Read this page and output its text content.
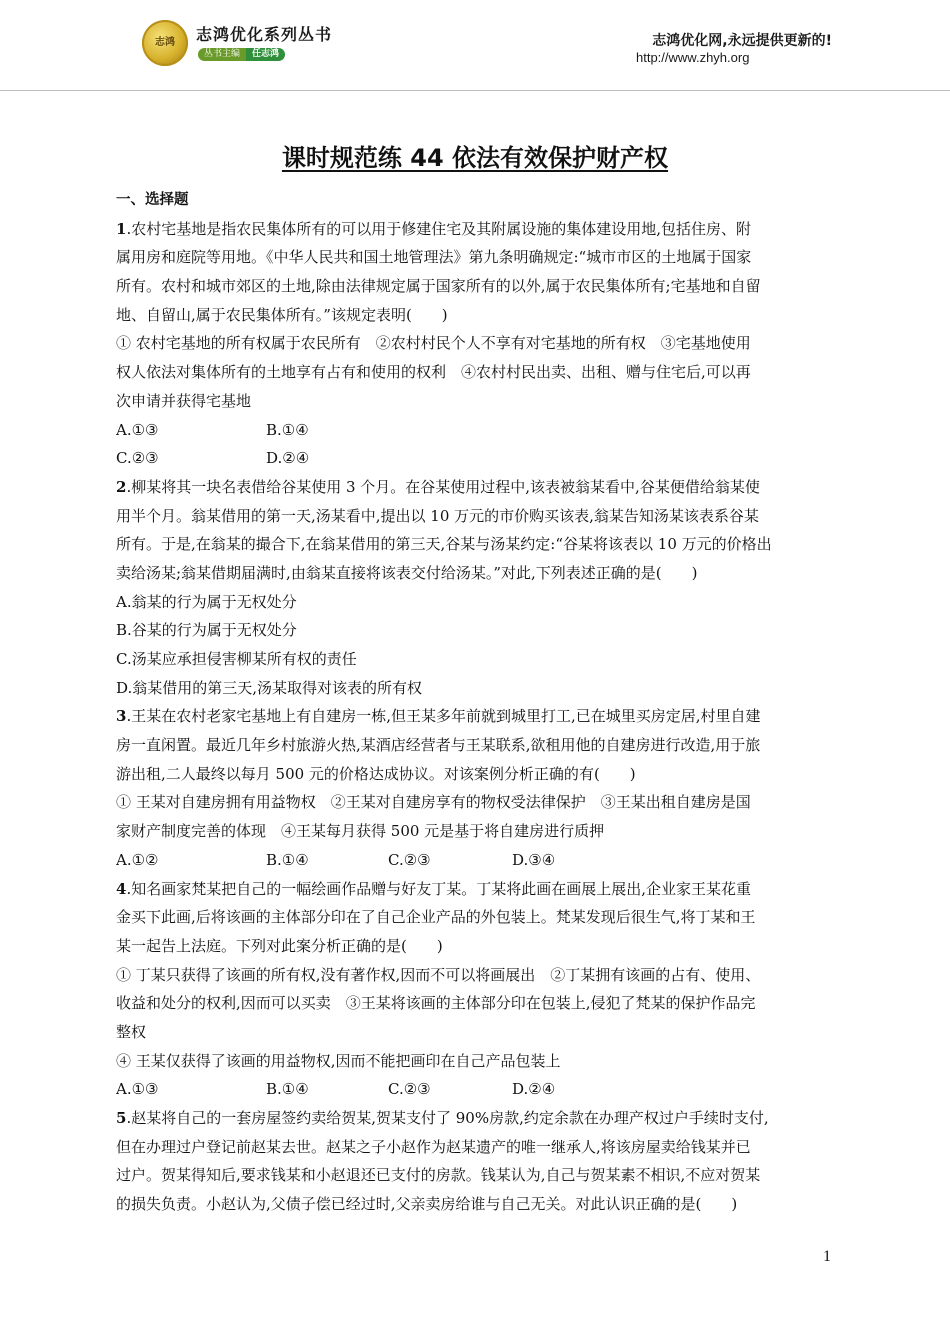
志鸿	志鸿优化系列丛书
丛书主编 任志鸿
志鸿优化网,永远提供更新的!
http://www.zhyh.org
课时规范练 44 依法有效保护财产权
一、选择题
1.农村宅基地是指农民集体所有的可以用于修建住宅及其附属设施的集体建设用地,包括住房、附
属用房和庭院等用地。《中华人民共和国土地管理法》第九条明确规定:“城市市区的土地属于国家
所有。农村和城市郊区的土地,除由法律规定属于国家所有的以外,属于农民集体所有;宅基地和自留
地、自留山,属于农民集体所有。”该规定表明(　　)
① 农村宅基地的所有权属于农民所有　②农村村民个人不享有对宅基地的所有权　③宅基地使用
权人依法对集体所有的土地享有占有和使用的权利　④农村村民出卖、出租、赠与住宅后,可以再
次申请并获得宅基地
A.①③	B.①④
C.②③	D.②④
2.柳某将其一块名表借给谷某使用 3 个月。在谷某使用过程中,该表被翁某看中,谷某便借给翁某使
用半个月。翁某借用的第一天,汤某看中,提出以 10 万元的市价购买该表,翁某告知汤某该表系谷某
所有。于是,在翁某的撮合下,在翁某借用的第三天,谷某与汤某约定:“谷某将该表以 10 万元的价格出
卖给汤某;翁某借期届满时,由翁某直接将该表交付给汤某。”对此,下列表述正确的是(　　)
A.翁某的行为属于无权处分
B.谷某的行为属于无权处分
C.汤某应承担侵害柳某所有权的责任
D.翁某借用的第三天,汤某取得对该表的所有权
3.王某在农村老家宅基地上有自建房一栋,但王某多年前就到城里打工,已在城里买房定居,村里自建
房一直闲置。最近几年乡村旅游火热,某酒店经营者与王某联系,欲租用他的自建房进行改造,用于旅
游出租,二人最终以每月 500 元的价格达成协议。对该案例分析正确的有(　　)
① 王某对自建房拥有用益物权　②王某对自建房享有的物权受法律保护　③王某出租自建房是国
家财产制度完善的体现　④王某每月获得 500 元是基于将自建房进行质押
A.①②	B.①④	C.②③	D.③④
4.知名画家梵某把自己的一幅绘画作品赠与好友丁某。丁某将此画在画展上展出,企业家王某花重
金买下此画,后将该画的主体部分印在了自己企业产品的外包装上。梵某发现后很生气,将丁某和王
某一起告上法庭。下列对此案分析正确的是(　　)
① 丁某只获得了该画的所有权,没有著作权,因而不可以将画展出　②丁某拥有该画的占有、使用、
收益和处分的权利,因而可以买卖　③王某将该画的主体部分印在包装上,侵犯了梵某的保护作品完
整权
④ 王某仅获得了该画的用益物权,因而不能把画印在自己产品包装上
A.①③	B.①④	C.②③	D.②④
5.赵某将自己的一套房屋签约卖给贺某,贺某支付了 90%房款,约定余款在办理产权过户手续时支付,
但在办理过户登记前赵某去世。赵某之子小赵作为赵某遗产的唯一继承人,将该房屋卖给钱某并已
过户。贺某得知后,要求钱某和小赵退还已支付的房款。钱某认为,自己与贺某素不相识,不应对贺某
的损失负责。小赵认为,父债子偿已经过时,父亲卖房给谁与自己无关。对此认识正确的是(　　)
1
